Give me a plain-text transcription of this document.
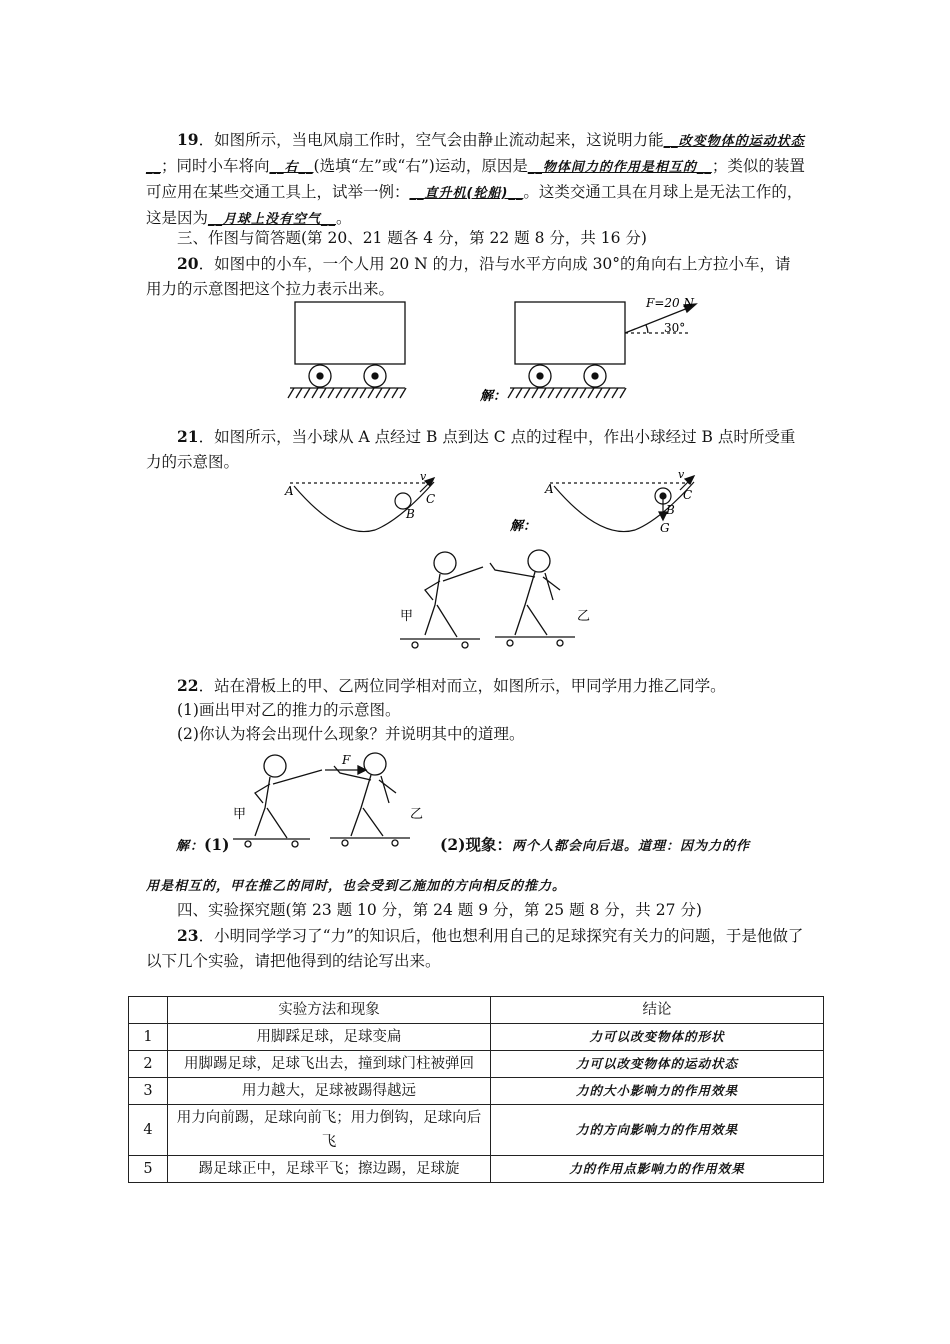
19．如图所示，当电风扇工作时，空气会由静止流动起来，这说明力能__改变物体的运动状态__；同时小车将向__右__(选填“左”或“右”)运动，原因是__物体间力的作用是相互的__；类似的装置可应用在某些交通工具上，试举一例：__直升机(轮船)__。这类交通工具在月球上是无法工作的，这是因为__月球上没有空气__。
三、作图与简答题(第 20、21 题各 4 分，第 22 题 8 分，共 16 分)
20．如图中的小车，一个人用 20 N 的力，沿与水平方向成 30°的角向右上方拉小车，请用力的示意图把这个拉力表示出来。
解：
F=20 N
30°
21．如图所示，当小球从 A 点经过 B 点到达 C 点的过程中，作出小球经过 B 点时所受重力的示意图。
A
B
C
v
解：
A
B
C
v
G
甲	乙
22．站在滑板上的甲、乙两位同学相对而立，如图所示，甲同学用力推乙同学。
(1)画出甲对乙的推力的示意图。
(2)你认为将会出现什么现象？并说明其中的道理。
F
甲	乙
解：(1)	(2)现象：两个人都会向后退。道理：因为力的作
用是相互的，甲在推乙的同时，也会受到乙施加的方向相反的推力。
四、实验探究题(第 23 题 10 分，第 24 题 9 分，第 25 题 8 分，共 27 分)
23．小明同学学习了“力”的知识后，他也想利用自己的足球探究有关力的问题，于是他做了以下几个实验，请把他得到的结论写出来。
	实验方法和现象	结论
1	用脚踩足球，足球变扁	力可以改变物体的形状
2	用脚踢足球，足球飞出去，撞到球门柱被弹回	力可以改变物体的运动状态
3	用力越大，足球被踢得越远	力的大小影响力的作用效果
4	用力向前踢，足球向前飞；用力倒钩，足球向后飞	力的方向影响力的作用效果
5	踢足球正中，足球平飞；擦边踢，足球旋	力的作用点影响力的作用效果
